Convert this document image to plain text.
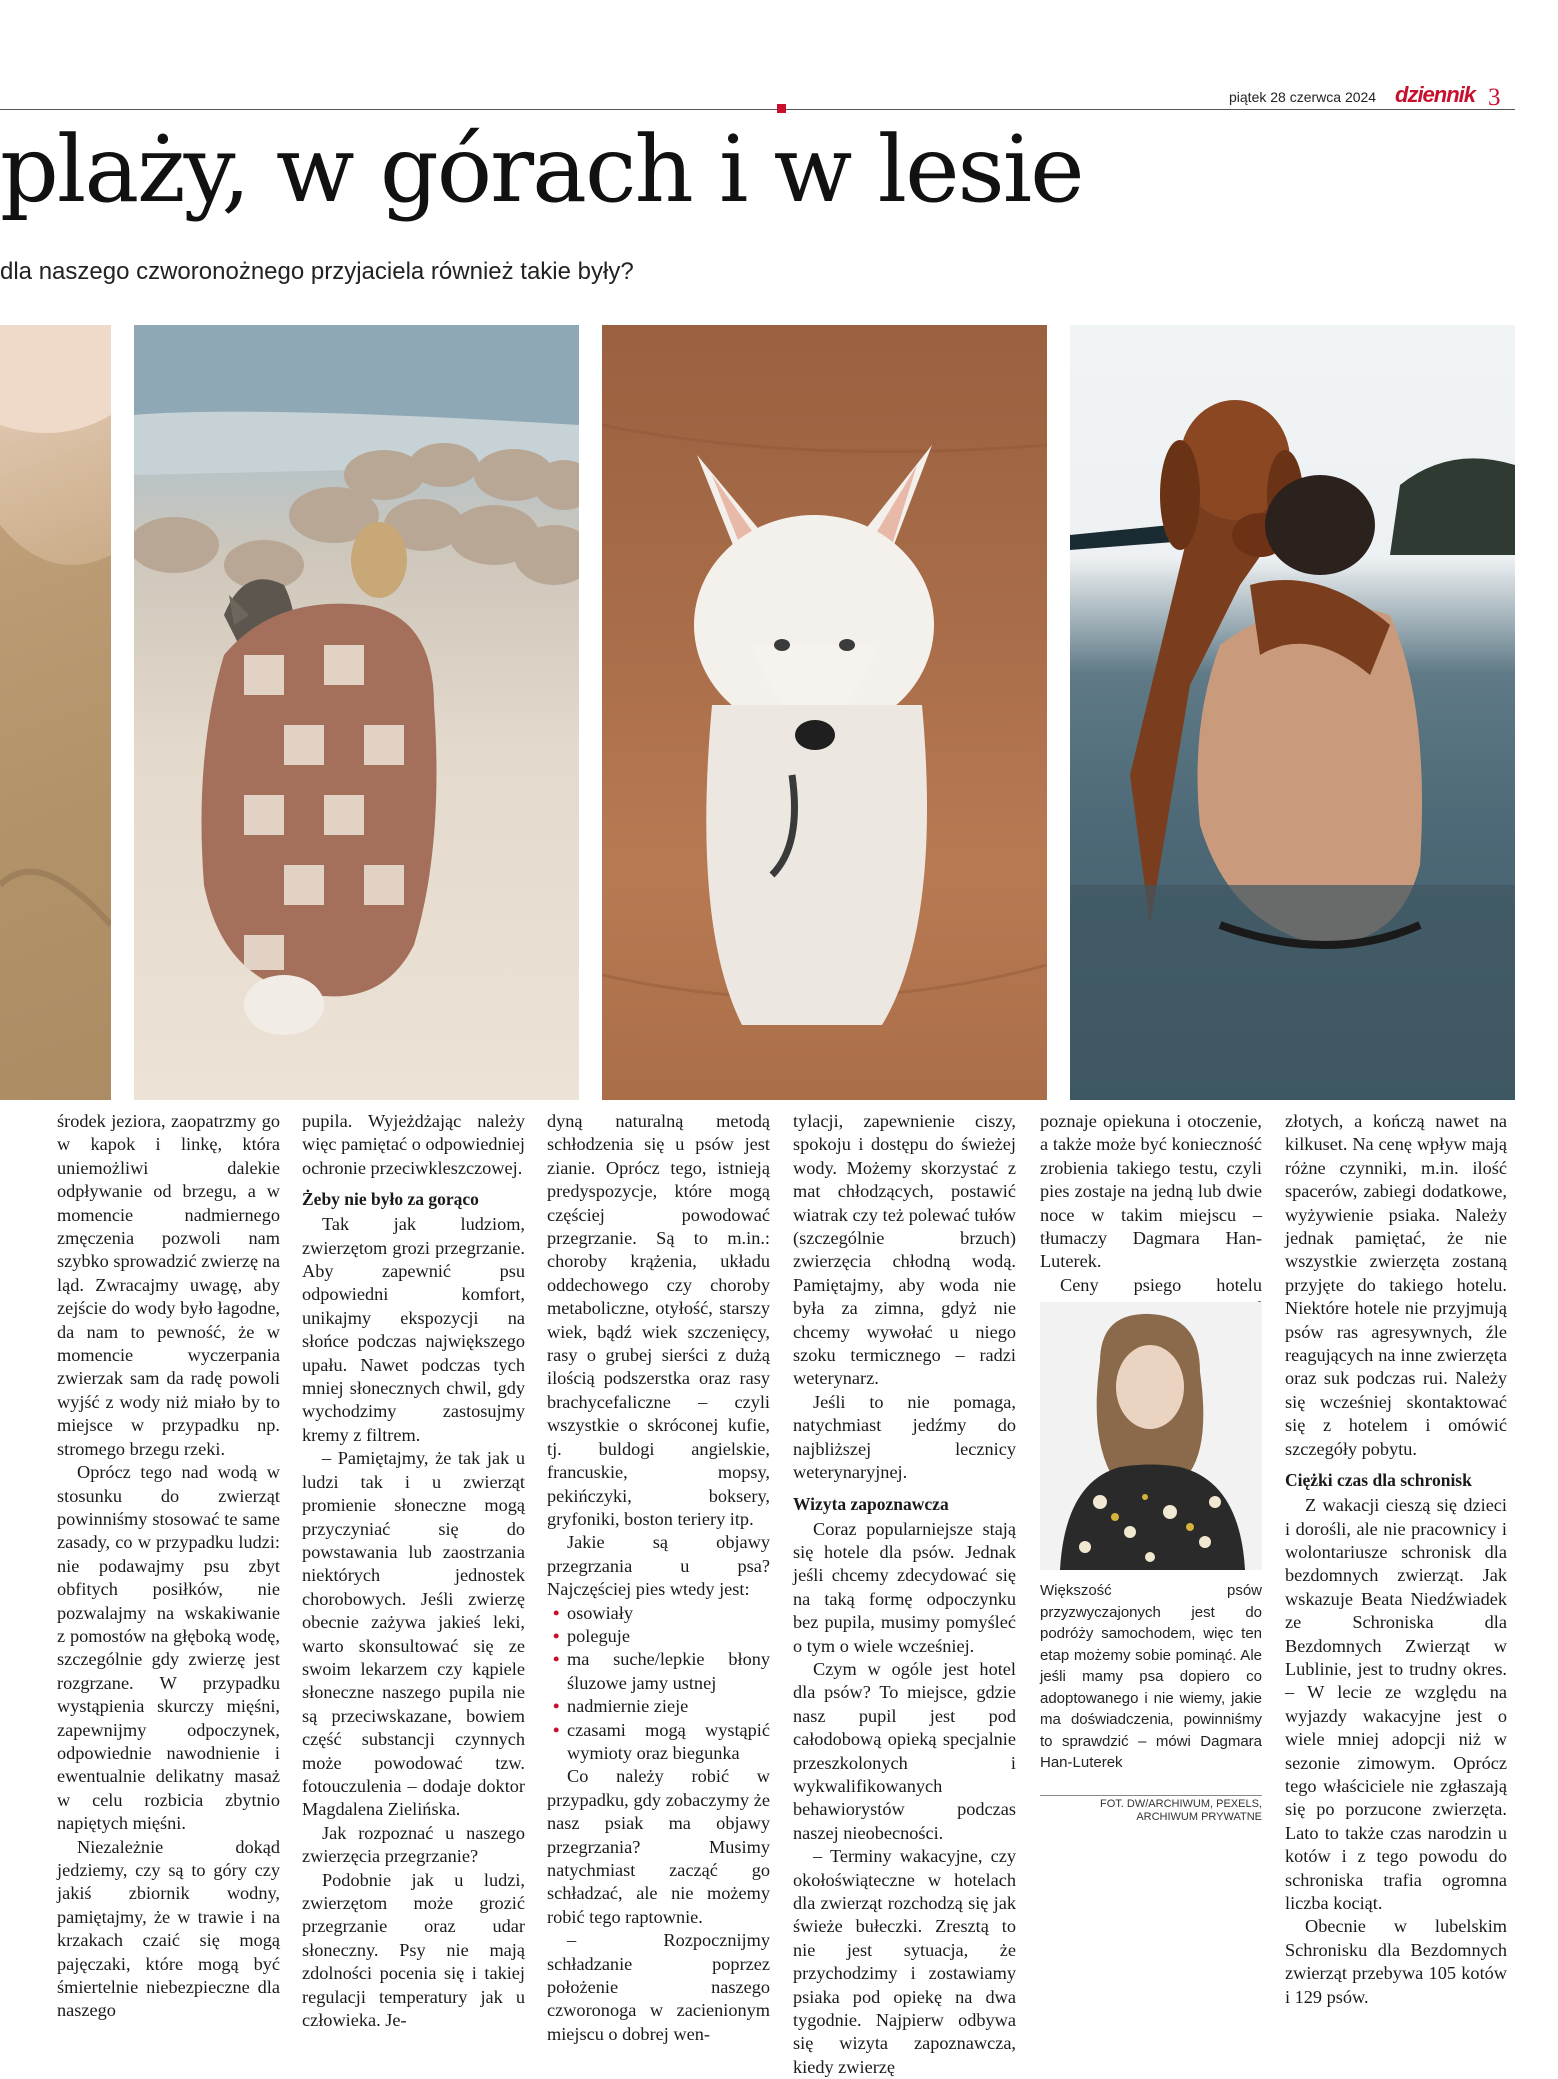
piątek 28 czerwca 2024 dziennik 3
plaży, w górach i w lesie
dla naszego czworonożnego przyjaciela również takie były?

środek jeziora, zaopatrzmy go w kapok i linkę, która uniemożliwi dalekie odpływanie od brzegu, a w momencie nadmiernego zmęczenia pozwoli nam szybko sprowadzić zwierzę na ląd. Zwracajmy uwagę, aby zejście do wody było łagodne, da nam to pewność, że w momencie wyczerpania zwierzak sam da radę powoli wyjść z wody niż miało by to miejsce w przypadku np. stromego brzegu rzeki.

Oprócz tego nad wodą w stosunku do zwierząt powinniśmy stosować te same zasady, co w przypadku ludzi: nie podawajmy psu zbyt obfitych posiłków, nie pozwalajmy na wskakiwanie z pomostów na głęboką wodę, szczególnie gdy zwierzę jest rozgrzane. W przypadku wystąpienia skurczy mięśni, zapewnijmy odpoczynek, odpowiednie nawodnienie i ewentualnie delikatny masaż w celu rozbicia zbytnio napiętych mięśni.

Niezależnie dokąd jedziemy, czy są to góry czy jakiś zbiornik wodny, pamiętajmy, że w trawie i na krzakach czaić się mogą pajęczaki, które mogą być śmiertelnie niebezpieczne dla naszego

pupila. Wyjeżdżając należy więc pamiętać o odpowiedniej ochronie przeciwkleszczowej.

Żeby nie było za gorąco

Tak jak ludziom, zwierzętom grozi przegrzanie. Aby zapewnić psu odpowiedni komfort, unikajmy ekspozycji na słońce podczas największego upału. Nawet podczas tych mniej słonecznych chwil, gdy wychodzimy zastosujmy kremy z filtrem.

– Pamiętajmy, że tak jak u ludzi tak i u zwierząt promienie słoneczne mogą przyczyniać się do powstawania lub zaostrzania niektórych jednostek chorobowych. Jeśli zwierzę obecnie zażywa jakieś leki, warto skonsultować się ze swoim lekarzem czy kąpiele słoneczne naszego pupila nie są przeciwskazane, bowiem część substancji czynnych może powodować tzw. fotouczulenia – dodaje doktor Magdalena Zielińska.

Jak rozpoznać u naszego zwierzęcia przegrzanie?

Podobnie jak u ludzi, zwierzętom może grozić przegrzanie oraz udar słoneczny. Psy nie mają zdolności pocenia się i takiej regulacji temperatury jak u człowieka. Je-

dyną naturalną metodą schłodzenia się u psów jest zianie. Oprócz tego, istnieją predyspozycje, które mogą częściej powodować przegrzanie. Są to m.in.: choroby krążenia, układu oddechowego czy choroby metaboliczne, otyłość, starszy wiek, bądź wiek szczenięcy, rasy o grubej sierści z dużą ilością podszerstka oraz rasy brachycefaliczne – czyli wszystkie o skróconej kufie, tj. buldogi angielskie, francuskie, mopsy, pekińczyki, boksery, gryfoniki, boston teriery itp.

Jakie są objawy przegrzania u psa? Najczęściej pies wtedy jest:

• osowiały
• poleguje
• ma suche/lepkie błony śluzowe jamy ustnej
• nadmiernie zieje
• czasami mogą wystąpić wymioty oraz biegunka

Co należy robić w przypadku, gdy zobaczymy że nasz psiak ma objawy przegrzania? Musimy natychmiast zacząć go schładzać, ale nie możemy robić tego raptownie.

– Rozpocznijmy schładzanie poprzez położenie naszego czworonoga w zacienionym miejscu o dobrej wen-

tylacji, zapewnienie ciszy, spokoju i dostępu do świeżej wody. Możemy skorzystać z mat chłodzących, postawić wiatrak czy też polewać tułów (szczególnie brzuch) zwierzęcia chłodną wodą. Pamiętajmy, aby woda nie była za zimna, gdyż nie chcemy wywołać u niego szoku termicznego – radzi weterynarz.

Jeśli to nie pomaga, natychmiast jedźmy do najbliższej lecznicy weterynaryjnej.

Wizyta zapoznawcza

Coraz popularniejsze stają się hotele dla psów. Jednak jeśli chcemy zdecydować się na taką formę odpoczynku bez pupila, musimy pomyśleć o tym o wiele wcześniej.

Czym w ogóle jest hotel dla psów? To miejsce, gdzie nasz pupil jest pod całodobową opieką specjalnie przeszkolonych i wykwalifikowanych behawiorystów podczas naszej nieobecności.

– Terminy wakacyjne, czy okołoświąteczne w hotelach dla zwierząt rozchodzą się jak świeże bułeczki. Zresztą to nie jest sytuacja, że przychodzimy i zostawiamy psiaka pod opiekę na dwa tygodnie. Najpierw odbywa się wizyta zapoznawcza, kiedy zwierzę

poznaje opiekuna i otoczenie, a także może być konieczność zrobienia takiego testu, czyli pies zostaje na jedną lub dwie noce w takim miejscu – tłumaczy Dagmara Han-Luterek.

Ceny psiego hotelu

Większość psów przyzwyczajonych jest do podróży samochodem, więc ten etap możemy sobie pominąć. Ale jeśli mamy psa dopiero co adoptowanego i nie wiemy, jakie ma doświadczenia, powinniśmy to sprawdzić – mówi Dagmara Han-Luterek
FOT. DW/ARCHIWUM, PEXELS, ARCHIWUM PRYWATNE

złotych, a kończą nawet na kilkuset. Na cenę wpływ mają różne czynniki, m.in. ilość spacerów, zabiegi dodatkowe, wyżywienie psiaka. Należy jednak pamiętać, że nie wszystkie zwierzęta zostaną przyjęte do takiego hotelu. Niektóre hotele nie przyjmują psów ras agresywnych, źle reagujących na inne zwierzęta oraz suk podczas rui. Należy się wcześniej skontaktować się z hotelem i omówić szczegóły pobytu.

Ciężki czas dla schronisk

Z wakacji cieszą się dzieci i dorośli, ale nie pracownicy i wolontariusze schronisk dla bezdomnych zwierząt. Jak wskazuje Beata Niedźwiadek ze Schroniska dla Bezdomnych Zwierząt w Lublinie, jest to trudny okres. – W lecie ze względu na wyjazdy wakacyjne jest o wiele mniej adopcji niż w sezonie zimowym. Oprócz tego właściciele nie zgłaszają się po porzucone zwierzęta. Lato to także czas narodzin u kotów i z tego powodu do schroniska trafia ogromna liczba kociąt.

Obecnie w lubelskim Schronisku dla Bezdomnych zwierząt przebywa 105 kotów i 129 psów.
